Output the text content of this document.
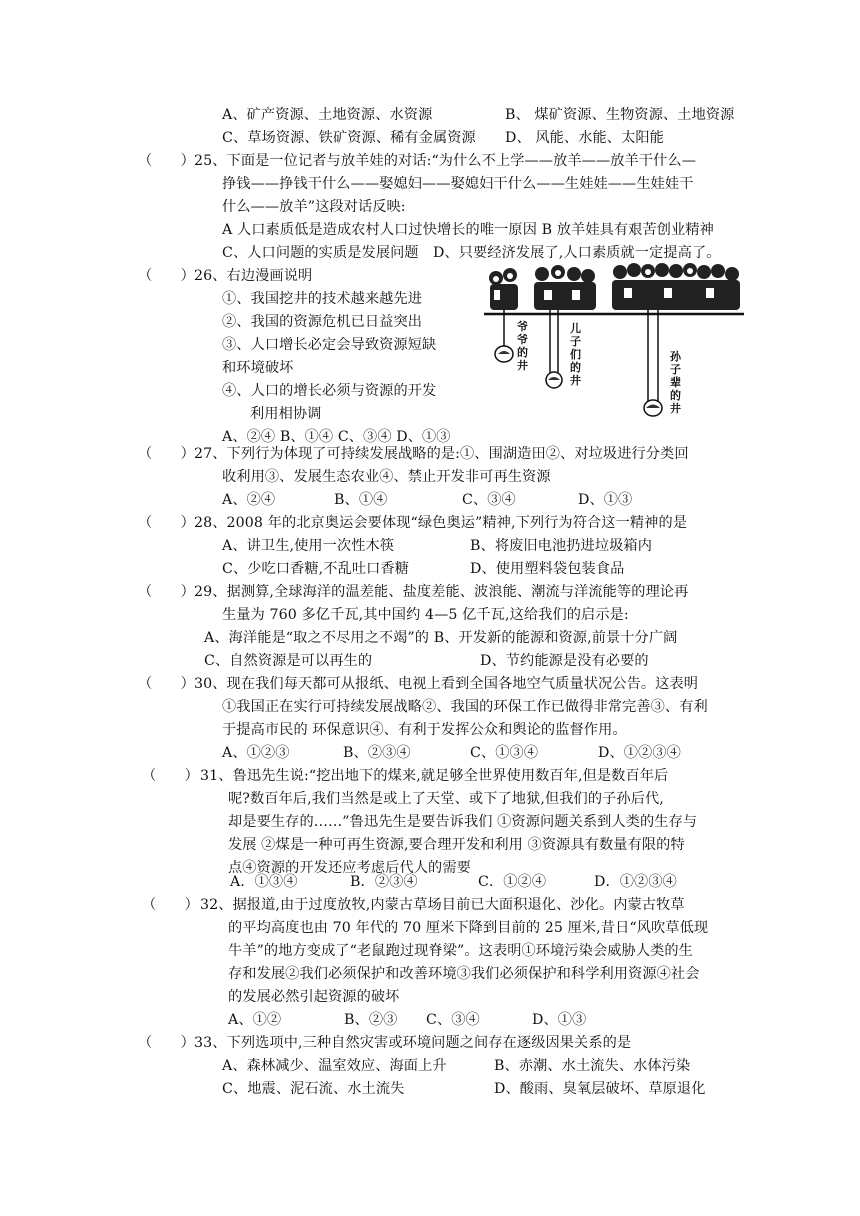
A、矿产资源、土地资源、水资源	B、 煤矿资源、生物资源、土地资源
C、草场资源、铁矿资源、稀有金属资源 D、 风能、水能、太阳能
（　　） 25、下面是一位记者与放羊娃的对话:“为什么不上学——放羊——放羊干什么—
挣钱——挣钱干什么——娶媳妇——娶媳妇干什么——生娃娃——生娃娃干
什么——放羊”这段对话反映:
A 人口素质低是造成农村人口过快增长的唯一原因 B 放羊娃具有艰苦创业精神
C、人口问题的实质是发展问题　D、只要经济发展了,人口素质就一定提高了。
（　　） 26、右边漫画说明
①、我国挖井的技术越来越先进
②、我国的资源危机已日益突出
③、人口增长必定会导致资源短缺
和环境破坏
④、人口的增长必须与资源的开发
利用相协调
A、②④ B、①④ C、③④ D、①③
爷
爷
的
井
儿
子
们
的
井
孙
子
辈
的
井
（　　） 27、下列行为体现了可持续发展战略的是:①、围湖造田②、对垃圾进行分类回
收利用③、发展生态农业④、禁止开发非可再生资源
A、②④	B、①④	C、③④	D、①③
（　　） 28、2008 年的北京奥运会要体现“绿色奥运”精神,下列行为符合这一精神的是
A、讲卫生,使用一次性木筷	B、将废旧电池扔进垃圾箱内
C、少吃口香糖,不乱吐口香糖	D、使用塑料袋包装食品
（　　） 29、据测算,全球海洋的温差能、盐度差能、波浪能、潮流与洋流能等的理论再
生量为 760 多亿千瓦,其中国约 4—5 亿千瓦,这给我们的启示是:
A、海洋能是“取之不尽用之不竭”的 B、开发新的能源和资源,前景十分广阔
C、自然资源是可以再生的	D、节约能源是没有必要的
（　　） 30、现在我们每天都可从报纸、电视上看到全国各地空气质量状况公告。这表明
①我国正在实行可持续发展战略②、我国的环保工作已做得非常完善③、有利
于提高市民的 环保意识④、有利于发挥公众和舆论的监督作用。
A、①②③	B、②③④	C、①③④	D、①②③④
（　　） 31、鲁迅先生说:“挖出地下的煤来,就足够全世界使用数百年,但是数百年后
呢?数百年后,我们当然是或上了天堂、或下了地狱,但我们的子孙后代,
却是要生存的……”鲁迅先生是要告诉我们 ①资源问题关系到人类的生存与
发展 ②煤是一种可再生资源,要合理开发和利用 ③资源具有数量有限的特
点④资源的开发还应考虑后代人的需要
A．①③④	B．②③④	C．①②④	D．①②③④
（　　） 32、据报道,由于过度放牧,内蒙古草场目前已大面积退化、沙化。内蒙古牧草
的平均高度也由 70 年代的 70 厘米下降到目前的 25 厘米,昔日“风吹草低现
牛羊”的地方变成了“老鼠跑过现脊梁”。这表明①环境污染会威胁人类的生
存和发展②我们必须保护和改善环境③我们必须保护和科学利用资源④社会
的发展必然引起资源的破坏
A、①②	B、②③ C、③④	D、①③
（　　） 33、下列选项中,三种自然灾害或环境问题之间存在逐级因果关系的是
A、森林减少、温室效应、海面上升	B、赤潮、水土流失、水体污染
C、地震、泥石流、水土流失	D、酸雨、臭氧层破坏、草原退化
